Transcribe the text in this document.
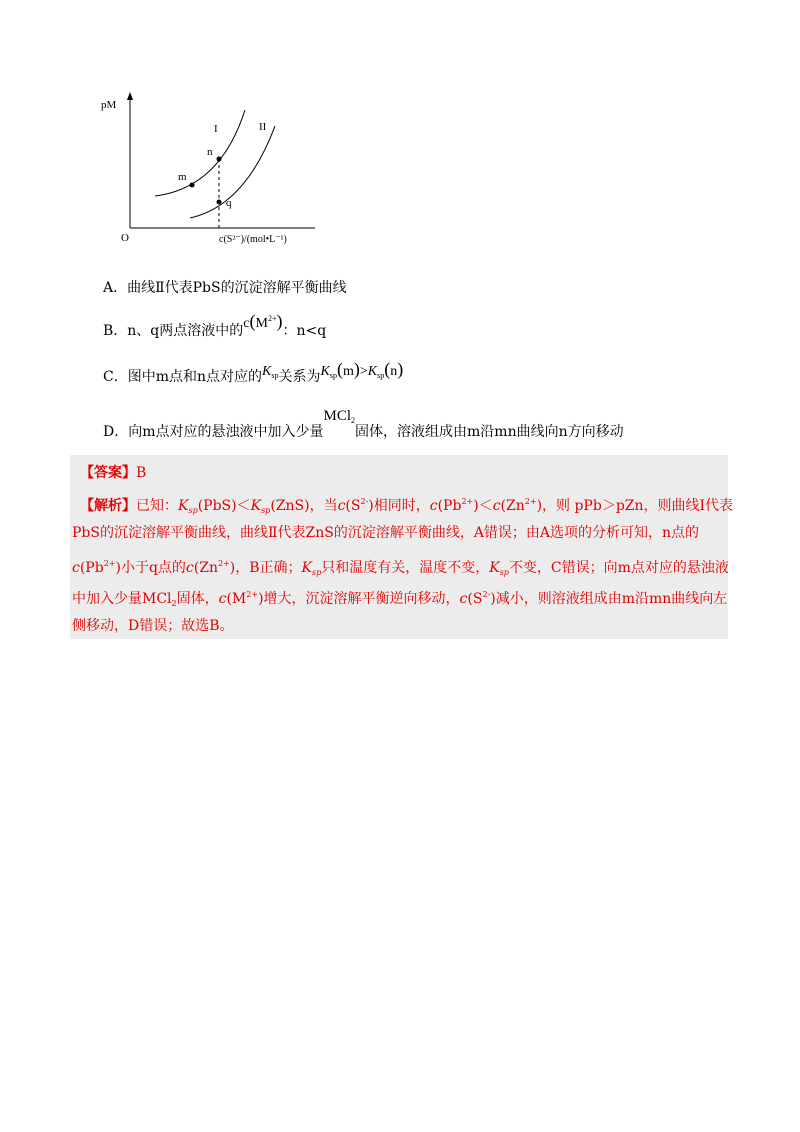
pM
O	c(S²⁻)/(mol•L⁻¹)
I	II
m
n
q
A．曲线Ⅱ代表PbS的沉淀溶解平衡曲线
B．n、q两点溶液中的$c(M^{2+})$：n<q
C．图中m点和n点对应的$K_{sp}$关系为$K_{sp}(m)>K_{sp}(n)$
D．向m点对应的悬浊液中加入少量MCl$_2$固体，溶液组成由m沿mn曲线向n方向移动
【答案】B
【解析】已知：$K_{sp}(PbS)<K_{sp}(ZnS)$，当$c(S^{2-})$相同时，$c(Pb^{2+})<c(Zn^{2+})$，则 pPb＞pZn，则曲线Ⅰ代表
PbS的沉淀溶解平衡曲线，曲线Ⅱ代表ZnS的沉淀溶解平衡曲线，A错误；由A选项的分析可知，n点的
$c(Pb^{2+})$小于q点的$c(Zn^{2+})$，B正确；$K_{sp}$只和温度有关，温度不变，$K_{sp}$不变，C错误；向m点对应的悬浊液
中加入少量MCl$_2$固体，$c(M^{2+})$增大，沉淀溶解平衡逆向移动，$c(S^{2-})$减小，则溶液组成由m沿mn曲线向左
侧移动，D错误；故选B。
